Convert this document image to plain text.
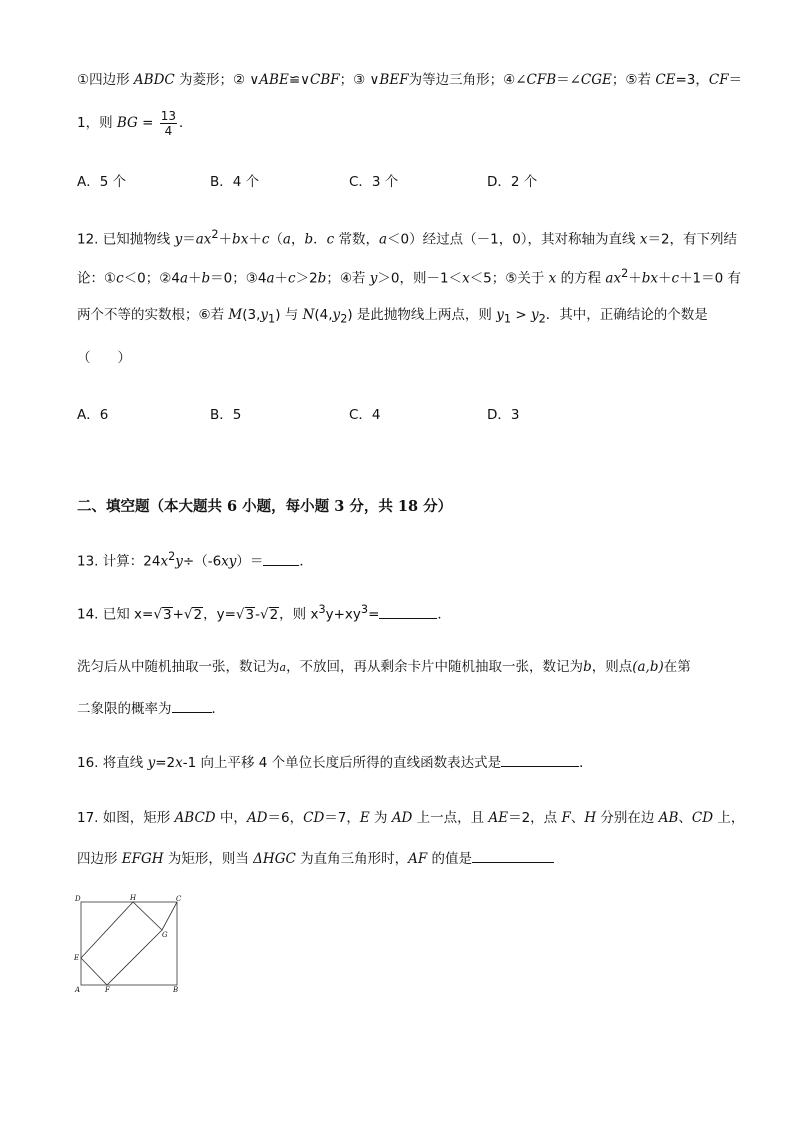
①四边形 ABDC 为菱形；② ∨ABE≌∨CBF；③ ∨BEF为等边三角形；④∠CFB＝∠CGE；⑤若 CE=3，CF＝
1，则 BG = $\frac{13}{4}$ ．
A．5 个	B．4 个	C．3 个	D．2 个
12. 已知抛物线 $y=ax^2+bx+c(a$，b．c 常数，a＜0）经过点（－1，0），其对称轴为直线 x＝2，有下列结
论：①c＜0；②4a＋b＝0；③4a＋c＞2b；④若 y＞0，则－1＜x＜5；⑤关于 x 的方程 $ax^2+bx+c+1=0$ 有
两个不等的实数根；⑥若 $M(3,y_1)$ 与 $N(4,y_2)$ 是此抛物线上两点，则 $y_1 > y_2$．其中，正确结论的个数是
（　　）
A．6	B．5	C．4	D．3
二、填空题（本大题共 6 小题，每小题 3 分，共 18 分）
13. 计算：$24x^2y\div(-6xy)=$	．
14. 已知 x=√3+√2，y=√3-√2，则 $x^3y+xy^3=$	．
洗匀后从中随机抽取一张，数记为a，不放回，再从剩余卡片中随机抽取一张，数记为b，则点(a,b)在第
二象限的概率为	．
16. 将直线 y=2x-1 向上平移 4 个单位长度后所得的直线函数表达式是	．
17. 如图，矩形 ABCD 中，AD＝6，CD＝7，E 为 AD 上一点，且 AE＝2，点 F、H 分别在边 AB、CD 上，
四边形 EFGH 为矩形，则当 ΔHGC 为直角三角形时，AF 的值是
D	H	C
G
E
A	F	B
